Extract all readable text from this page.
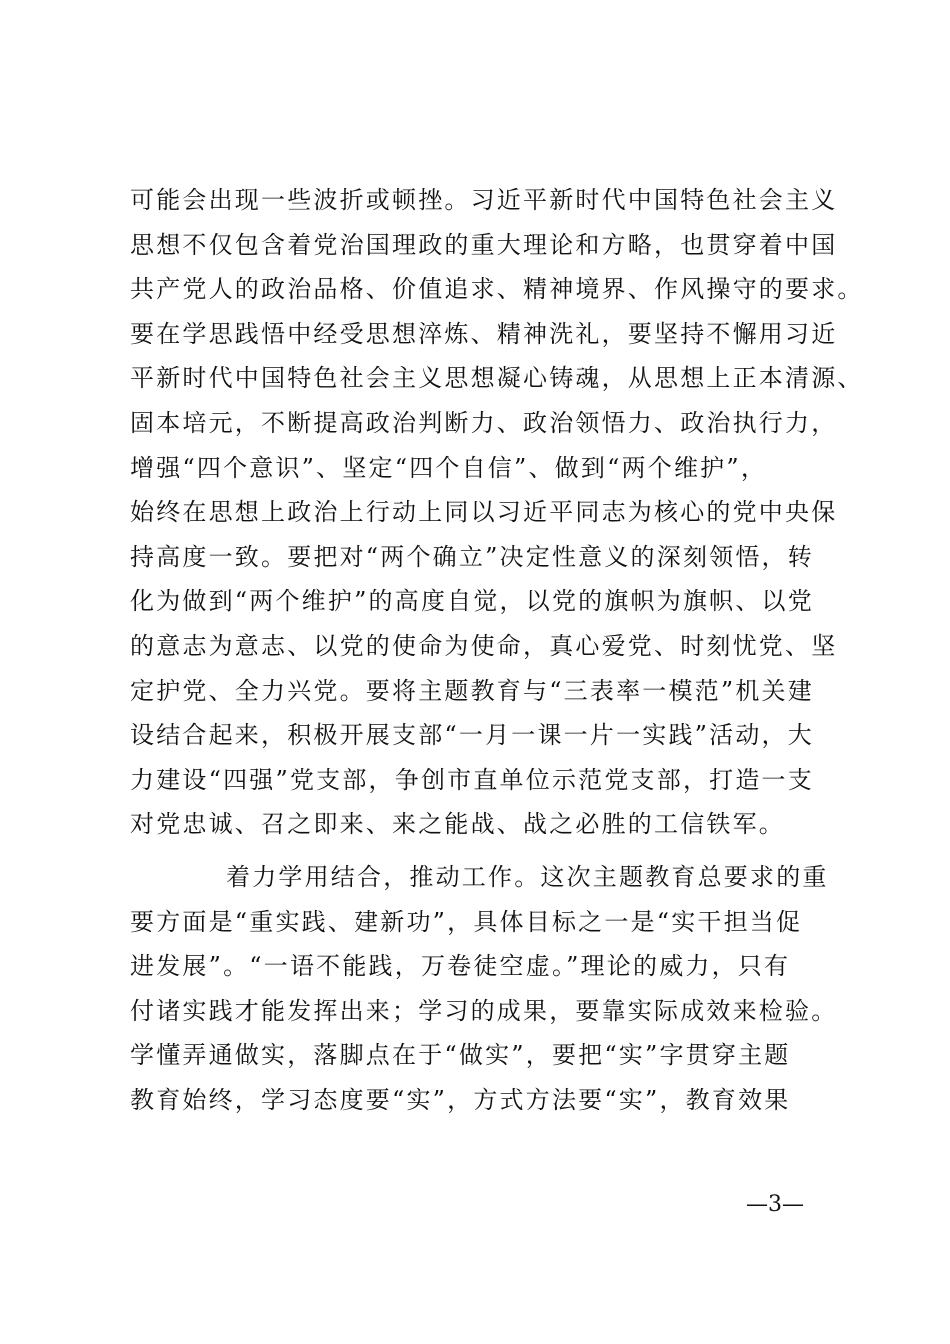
可能会出现一些波折或顿挫。习近平新时代中国特色社会主义
思想不仅包含着党治国理政的重大理论和方略，也贯穿着中国
共产党人的政治品格、价值追求、精神境界、作风操守的要求。
要在学思践悟中经受思想淬炼、精神洗礼，要坚持不懈用习近
平新时代中国特色社会主义思想凝心铸魂，从思想上正本清源、
固本培元，不断提高政治判断力、政治领悟力、政治执行力，
增强“四个意识”、坚定“四个自信”、做到“两个维护”，
始终在思想上政治上行动上同以习近平同志为核心的党中央保
持高度一致。要把对“两个确立”决定性意义的深刻领悟，转
化为做到“两个维护”的高度自觉，以党的旗帜为旗帜、以党
的意志为意志、以党的使命为使命，真心爱党、时刻忧党、坚
定护党、全力兴党。要将主题教育与“三表率一模范”机关建
设结合起来，积极开展支部“一月一课一片一实践”活动，大
力建设“四强”党支部，争创市直单位示范党支部，打造一支
对党忠诚、召之即来、来之能战、战之必胜的工信铁军。
着力学用结合，推动工作。这次主题教育总要求的重
要方面是“重实践、建新功”，具体目标之一是“实干担当促
进发展”。“一语不能践，万卷徒空虚。”理论的威力，只有
付诸实践才能发挥出来；学习的成果，要靠实际成效来检验。
学懂弄通做实，落脚点在于“做实”，要把“实”字贯穿主题
教育始终，学习态度要“实”，方式方法要“实”，教育效果
—3—
